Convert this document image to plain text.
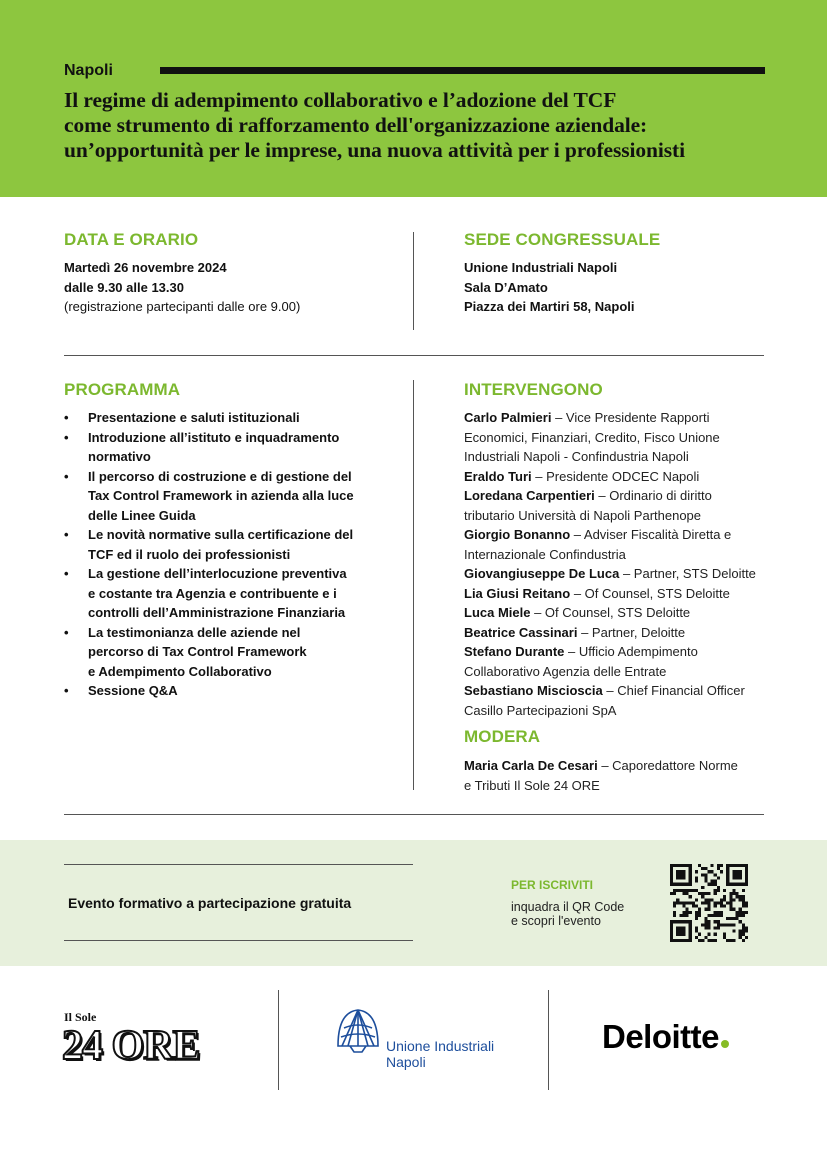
Napoli
Il regime di adempimento collaborativo e l’adozione del TCF
come strumento di rafforzamento dell'organizzazione aziendale:
un’opportunità per le imprese, una nuova attività per i professionisti
DATA E ORARIO
Martedì 26 novembre 2024
dalle 9.30 alle 13.30
(registrazione partecipanti dalle ore 9.00)
SEDE CONGRESSUALE
Unione Industriali Napoli
Sala D’Amato
Piazza dei Martiri 58, Napoli
PROGRAMMA
• Presentazione e saluti istituzionali
• Introduzione all’istituto e inquadramento
normativo
• Il percorso di costruzione e di gestione del
Tax Control Framework in azienda alla luce
delle Linee Guida
• Le novità normative sulla certificazione del
TCF ed il ruolo dei professionisti
• La gestione dell’interlocuzione preventiva
e costante tra Agenzia e contribuente e i
controlli dell’Amministrazione Finanziaria
• La testimonianza delle aziende nel
percorso di Tax Control Framework
e Adempimento Collaborativo
• Sessione Q&A
INTERVENGONO
Carlo Palmieri – Vice Presidente Rapporti
Economici, Finanziari, Credito, Fisco Unione
Industriali Napoli - Confindustria Napoli
Eraldo Turi – Presidente ODCEC Napoli
Loredana Carpentieri – Ordinario di diritto
tributario Università di Napoli Parthenope
Giorgio Bonanno – Adviser Fiscalità Diretta e
Internazionale Confindustria
Giovangiuseppe De Luca – Partner, STS Deloitte
Lia Giusi Reitano – Of Counsel, STS Deloitte
Luca Miele – Of Counsel, STS Deloitte
Beatrice Cassinari – Partner, Deloitte
Stefano Durante – Ufficio Adempimento
Collaborativo Agenzia delle Entrate
Sebastiano Miscioscia – Chief Financial Officer
Casillo Partecipazioni SpA
MODERA
Maria Carla De Cesari – Caporedattore Norme
e Tributi Il Sole 24 ORE
Evento formativo a partecipazione gratuita
PER ISCRIVITI
inquadra il QR Code
e scopri l'evento
Il Sole
24 ORE	Unione Industriali
Napoli
Deloitte
